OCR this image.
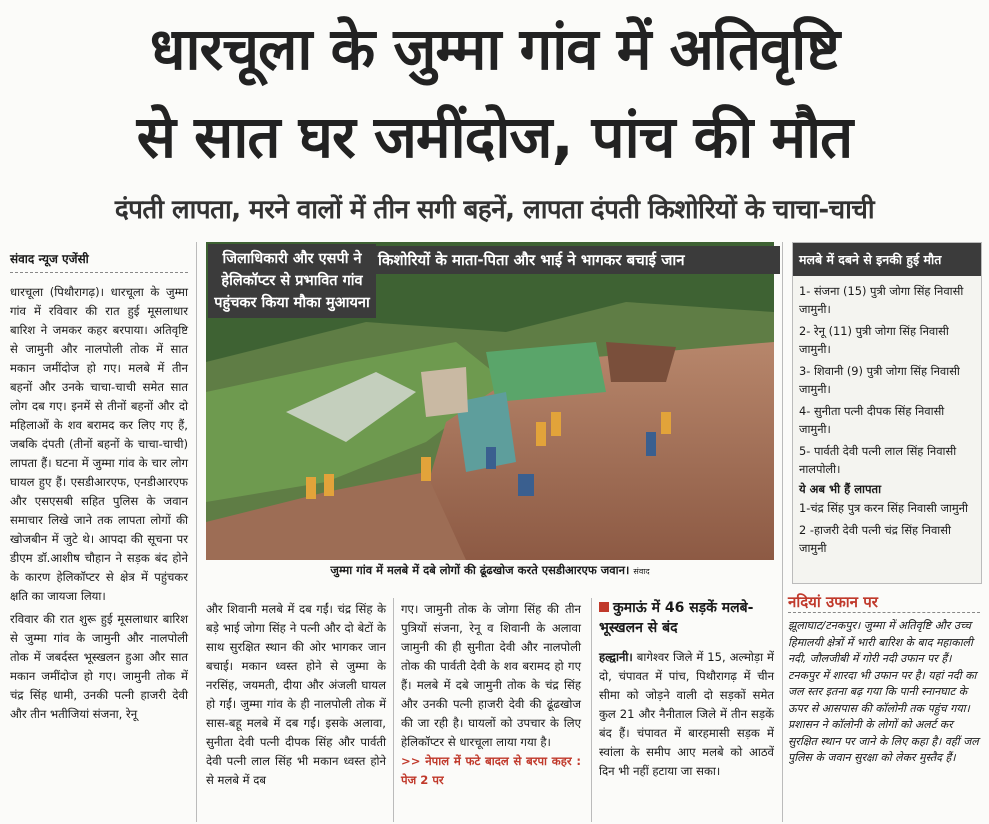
धारचूला के जुम्मा गांव में अतिवृष्टि
से सात घर जमींदोज, पांच की मौत
दंपती लापता, मरने वालों में तीन सगी बहनें, लापता दंपती किशोरियों के चाचा-चाची
संवाद न्यूज एजेंसी

धारचूला (पिथौरागढ़)। धारचूला के जुम्मा गांव में रविवार की रात हुई मूसलाधार बारिश ने जमकर कहर बरपाया। अतिवृष्टि से जामुनी और नालपोली तोक में सात मकान जमींदोज हो गए। मलबे में तीन बहनों और उनके चाचा-चाची समेत सात लोग दब गए। इनमें से तीनों बहनों और दो महिलाओं के शव बरामद कर लिए गए हैं, जबकि दंपती (तीनों बहनों के चाचा-चाची) लापता हैं। घटना में जुम्मा गांव के चार लोग घायल हुए हैं। एसडीआरएफ, एनडीआरएफ और एसएसबी सहित पुलिस के जवान समाचार लिखे जाने तक लापता लोगों की खोजबीन में जुटे थे। आपदा की सूचना पर डीएम डॉ.आशीष चौहान ने सड़क बंद होने के कारण हेलिकॉप्टर से क्षेत्र में पहुंचकर क्षति का जायजा लिया।

रविवार की रात शुरू हुई मूसलाधार बारिश से जुम्मा गांव के जामुनी और नालपोली तोक में जबर्दस्त भूस्खलन हुआ और सात मकान जमींदोज हो गए। जामुनी तोक में चंद्र सिंह धामी, उनकी पत्नी हाजरी देवी और तीन भतीजियां संजना, रेनू

जिलाधिकारी और एसपी ने हेलिकॉप्टर से प्रभावित गांव पहुंचकर किया मौका मुआयना
किशोरियों के माता-पिता और भाई ने भागकर बचाई जान
जुम्मा गांव में मलबे में दबे लोगों की ढूंढखोज करते एसडीआरएफ जवान। संवाद

और शिवानी मलबे में दब गईं। चंद्र सिंह के बड़े भाई जोगा सिंह ने पत्नी और दो बेटों के साथ सुरक्षित स्थान की ओर भागकर जान बचाई। मकान ध्वस्त होने से जुम्मा के नरसिंह, जयमती, दीया और अंजली घायल हो गईं। जुम्मा गांव के ही नालपोली तोक में सास-बहू मलबे में दब गईं। इसके अलावा, सुनीता देवी पत्नी दीपक सिंह और पार्वती देवी पत्नी लाल सिंह भी मकान ध्वस्त होने से मलबे में दब

गए। जामुनी तोक के जोगा सिंह की तीन पुत्रियों संजना, रेनू व शिवानी के अलावा जामुनी की ही सुनीता देवी और नालपोली तोक की पार्वती देवी के शव बरामद हो गए हैं। मलबे में दबे जामुनी तोक के चंद्र सिंह और उनकी पत्नी हाजरी देवी की ढूंढखोज की जा रही है। घायलों को उपचार के लिए हेलिकॉप्टर से धारचूला लाया गया है।

>> नेपाल में फटे बादल से बरपा कहर : पेज 2 पर

कुमाऊं में 46 सड़कें मलबे-भूस्खलन से बंद

हल्द्वानी। बागेश्वर जिले में 15, अल्मोड़ा में दो, चंपावत में पांच, पिथौरागढ़ में चीन सीमा को जोड़ने वाली दो सड़कों समेत कुल 21 और नैनीताल जिले में तीन सड़कें बंद हैं। चंपावत में बारहमासी सड़क में स्वांला के समीप आए मलबे को आठवें दिन भी नहीं हटाया जा सका।

मलबे में दबने से इनकी हुई मौत
1- संजना (15) पुत्री जोगा सिंह निवासी जामुनी।
2- रेनू (11) पुत्री जोगा सिंह निवासी जामुनी।
3- शिवानी (9) पुत्री जोगा सिंह निवासी जामुनी।
4- सुनीता पत्नी दीपक सिंह निवासी जामुनी।
5- पार्वती देवी पत्नी लाल सिंह निवासी नालपोली।
ये अब भी हैं लापता
1-चंद्र सिंह पुत्र करन सिंह निवासी जामुनी
2 -हाजरी देवी पत्नी चंद्र सिंह निवासी जामुनी
नदियां उफान पर
झूलाघाट/टनकपुर। जुम्मा में अतिवृष्टि और उच्च हिमालयी क्षेत्रों में भारी बारिश के बाद महाकाली नदी, जौलजीबी में गोरी नदी उफान पर हैं। टनकपुर में शारदा भी उफान पर है। यहां नदी का जल स्तर इतना बढ़ गया कि पानी स्नानघाट के ऊपर से आसपास की कॉलोनी तक पहुंच गया। प्रशासन ने कॉलोनी के लोगों को अलर्ट कर सुरक्षित स्थान पर जाने के लिए कहा है। वहीं जल पुलिस के जवान सुरक्षा को लेकर मुस्तैद हैं।
